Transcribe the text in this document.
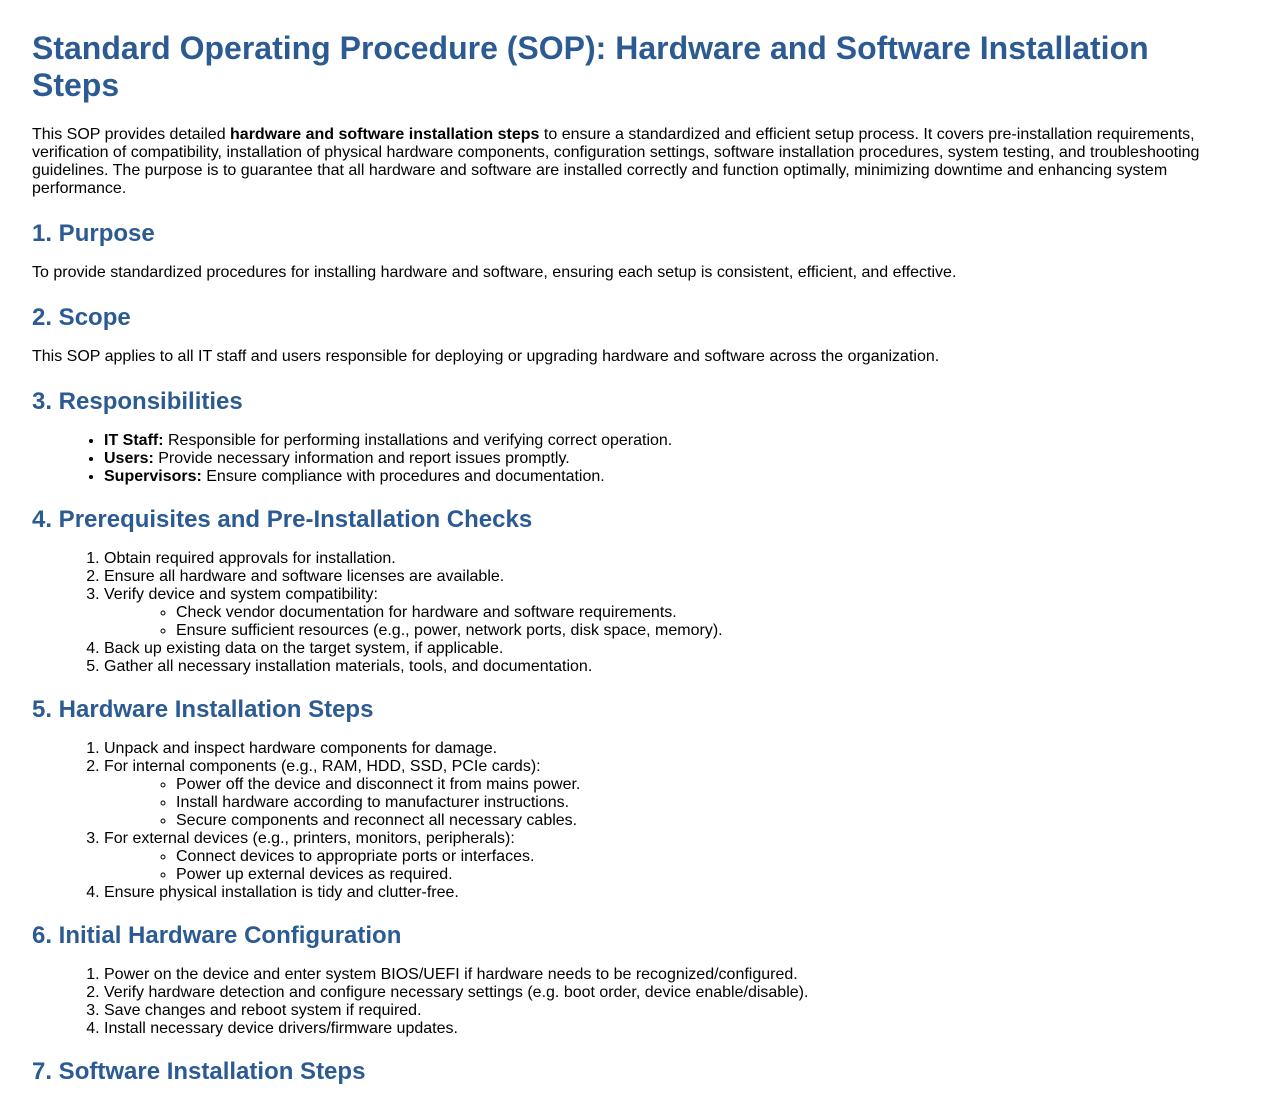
Standard Operating Procedure (SOP): Hardware and Software Installation Steps

This SOP provides detailed hardware and software installation steps to ensure a standardized and efficient setup process. It covers pre-installation requirements, verification of compatibility, installation of physical hardware components, configuration settings, software installation procedures, system testing, and troubleshooting guidelines. The purpose is to guarantee that all hardware and software are installed correctly and function optimally, minimizing downtime and enhancing system performance.

1. Purpose

To provide standardized procedures for installing hardware and software, ensuring each setup is consistent, efficient, and effective.

2. Scope

This SOP applies to all IT staff and users responsible for deploying or upgrading hardware and software across the organization.

3. Responsibilities
• IT Staff: Responsible for performing installations and verifying correct operation.
• Users: Provide necessary information and report issues promptly.
• Supervisors: Ensure compliance with procedures and documentation.
4. Prerequisites and Pre-Installation Checks
1. Obtain required approvals for installation.
2. Ensure all hardware and software licenses are available.
3. Verify device and system compatibility:
◦ Check vendor documentation for hardware and software requirements.
◦ Ensure sufficient resources (e.g., power, network ports, disk space, memory).
4. Back up existing data on the target system, if applicable.
5. Gather all necessary installation materials, tools, and documentation.
5. Hardware Installation Steps
1. Unpack and inspect hardware components for damage.
2. For internal components (e.g., RAM, HDD, SSD, PCIe cards):
◦ Power off the device and disconnect it from mains power.
◦ Install hardware according to manufacturer instructions.
◦ Secure components and reconnect all necessary cables.
3. For external devices (e.g., printers, monitors, peripherals):
◦ Connect devices to appropriate ports or interfaces.
◦ Power up external devices as required.
4. Ensure physical installation is tidy and clutter-free.
6. Initial Hardware Configuration
1. Power on the device and enter system BIOS/UEFI if hardware needs to be recognized/configured.
2. Verify hardware detection and configure necessary settings (e.g. boot order, device enable/disable).
3. Save changes and reboot system if required.
4. Install necessary device drivers/firmware updates.
7. Software Installation Steps
